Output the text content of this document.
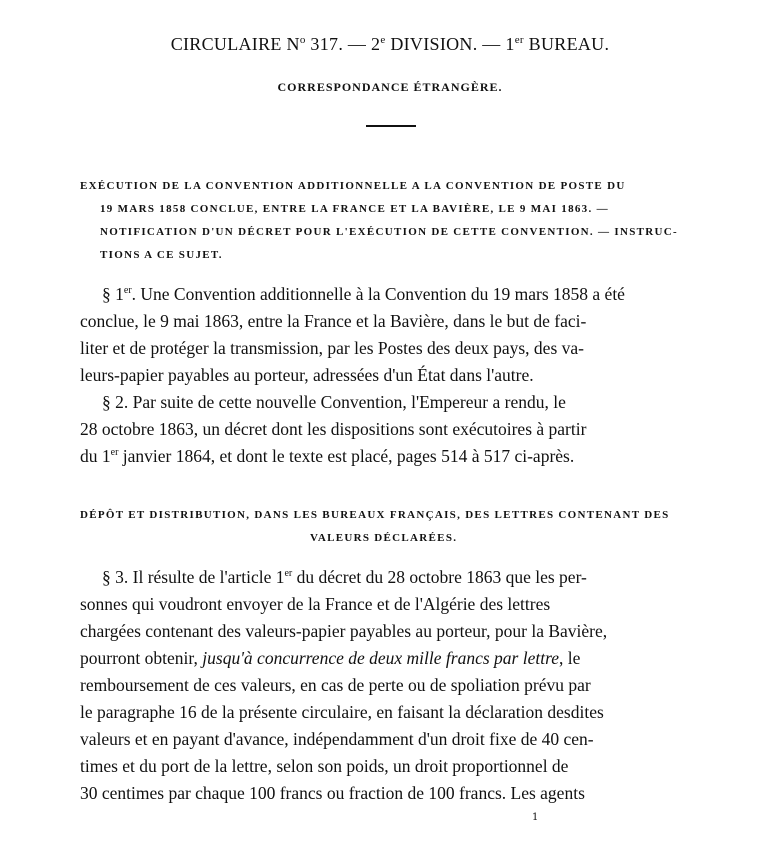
CIRCULAIRE $N^o$ 317. — 2e DIVISION. — 1er BUREAU.
CORRESPONDANCE ÉTRANGÈRE.
EXÉCUTION DE LA CONVENTION ADDITIONNELLE A LA CONVENTION DE POSTE DU
19 MARS 1858 CONCLUE, ENTRE LA FRANCE ET LA BAVIÈRE, LE 9 MAI 1863. —
NOTIFICATION D'UN DÉCRET POUR L'EXÉCUTION DE CETTE CONVENTION. — INSTRUC-
TIONS A CE SUJET.
§ 1er. Une Convention additionnelle à la Convention du 19 mars 1858 a été
conclue, le 9 mai 1863, entre la France et la Bavière, dans le but de faci-
liter et de protéger la transmission, par les Postes des deux pays, des va-
leurs-papier payables au porteur, adressées d'un État dans l'autre.
§ 2. Par suite de cette nouvelle Convention, l'Empereur a rendu, le
28 octobre 1863, un décret dont les dispositions sont exécutoires à partir
du 1er janvier 1864, et dont le texte est placé, pages 514 à 517 ci-après.
DÉPÔT ET DISTRIBUTION, DANS LES BUREAUX FRANÇAIS, DES LETTRES CONTENANT DES
VALEURS DÉCLARÉES.
§ 3. Il résulte de l'article 1er du décret du 28 octobre 1863 que les per-
sonnes qui voudront envoyer de la France et de l'Algérie des lettres
chargées contenant des valeurs-papier payables au porteur, pour la Bavière,
pourront obtenir, jusqu'à concurrence de deux mille francs par lettre, le
remboursement de ces valeurs, en cas de perte ou de spoliation prévu par
le paragraphe 16 de la présente circulaire, en faisant la déclaration desdites
valeurs et en payant d'avance, indépendamment d'un droit fixe de 40 cen-
times et du port de la lettre, selon son poids, un droit proportionnel de
30 centimes par chaque 100 francs ou fraction de 100 francs. Les agents
1
